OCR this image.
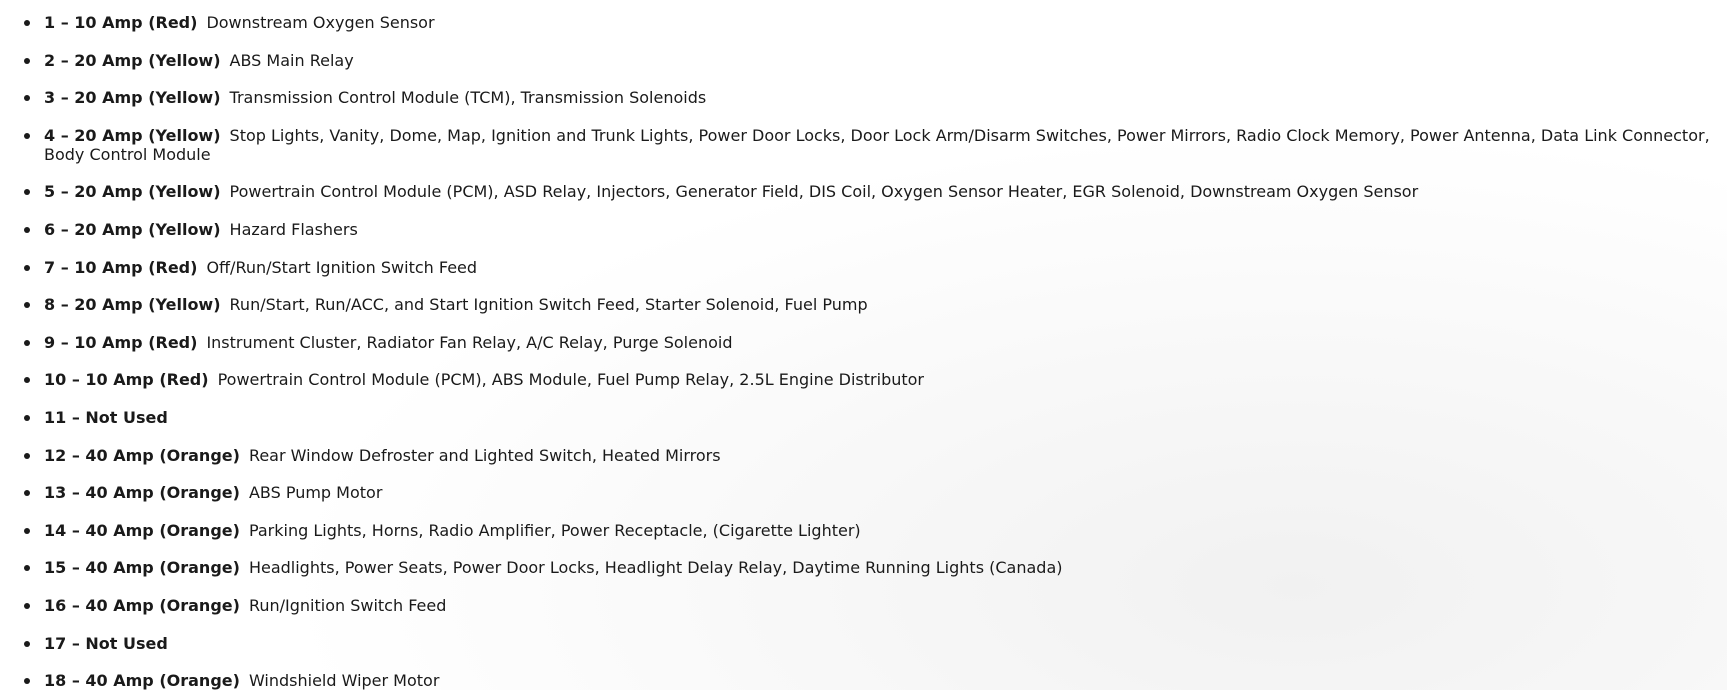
1 – 10 Amp (Red) Downstream Oxygen Sensor
2 – 20 Amp (Yellow) ABS Main Relay
3 – 20 Amp (Yellow) Transmission Control Module (TCM), Transmission Solenoids
4 – 20 Amp (Yellow) Stop Lights, Vanity, Dome, Map, Ignition and Trunk Lights, Power Door Locks, Door Lock Arm/Disarm Switches, Power Mirrors, Radio Clock Memory, Power Antenna, Data Link Connector, Body Control Module
5 – 20 Amp (Yellow) Powertrain Control Module (PCM), ASD Relay, Injectors, Generator Field, DIS Coil, Oxygen Sensor Heater, EGR Solenoid, Downstream Oxygen Sensor
6 – 20 Amp (Yellow) Hazard Flashers
7 – 10 Amp (Red) Off/Run/Start Ignition Switch Feed
8 – 20 Amp (Yellow) Run/Start, Run/ACC, and Start Ignition Switch Feed, Starter Solenoid, Fuel Pump
9 – 10 Amp (Red) Instrument Cluster, Radiator Fan Relay, A/C Relay, Purge Solenoid
10 – 10 Amp (Red) Powertrain Control Module (PCM), ABS Module, Fuel Pump Relay, 2.5L Engine Distributor
11 – Not Used
12 – 40 Amp (Orange) Rear Window Defroster and Lighted Switch, Heated Mirrors
13 – 40 Amp (Orange) ABS Pump Motor
14 – 40 Amp (Orange) Parking Lights, Horns, Radio Amplifier, Power Receptacle, (Cigarette Lighter)
15 – 40 Amp (Orange) Headlights, Power Seats, Power Door Locks, Headlight Delay Relay, Daytime Running Lights (Canada)
16 – 40 Amp (Orange) Run/Ignition Switch Feed
17 – Not Used
18 – 40 Amp (Orange) Windshield Wiper Motor
